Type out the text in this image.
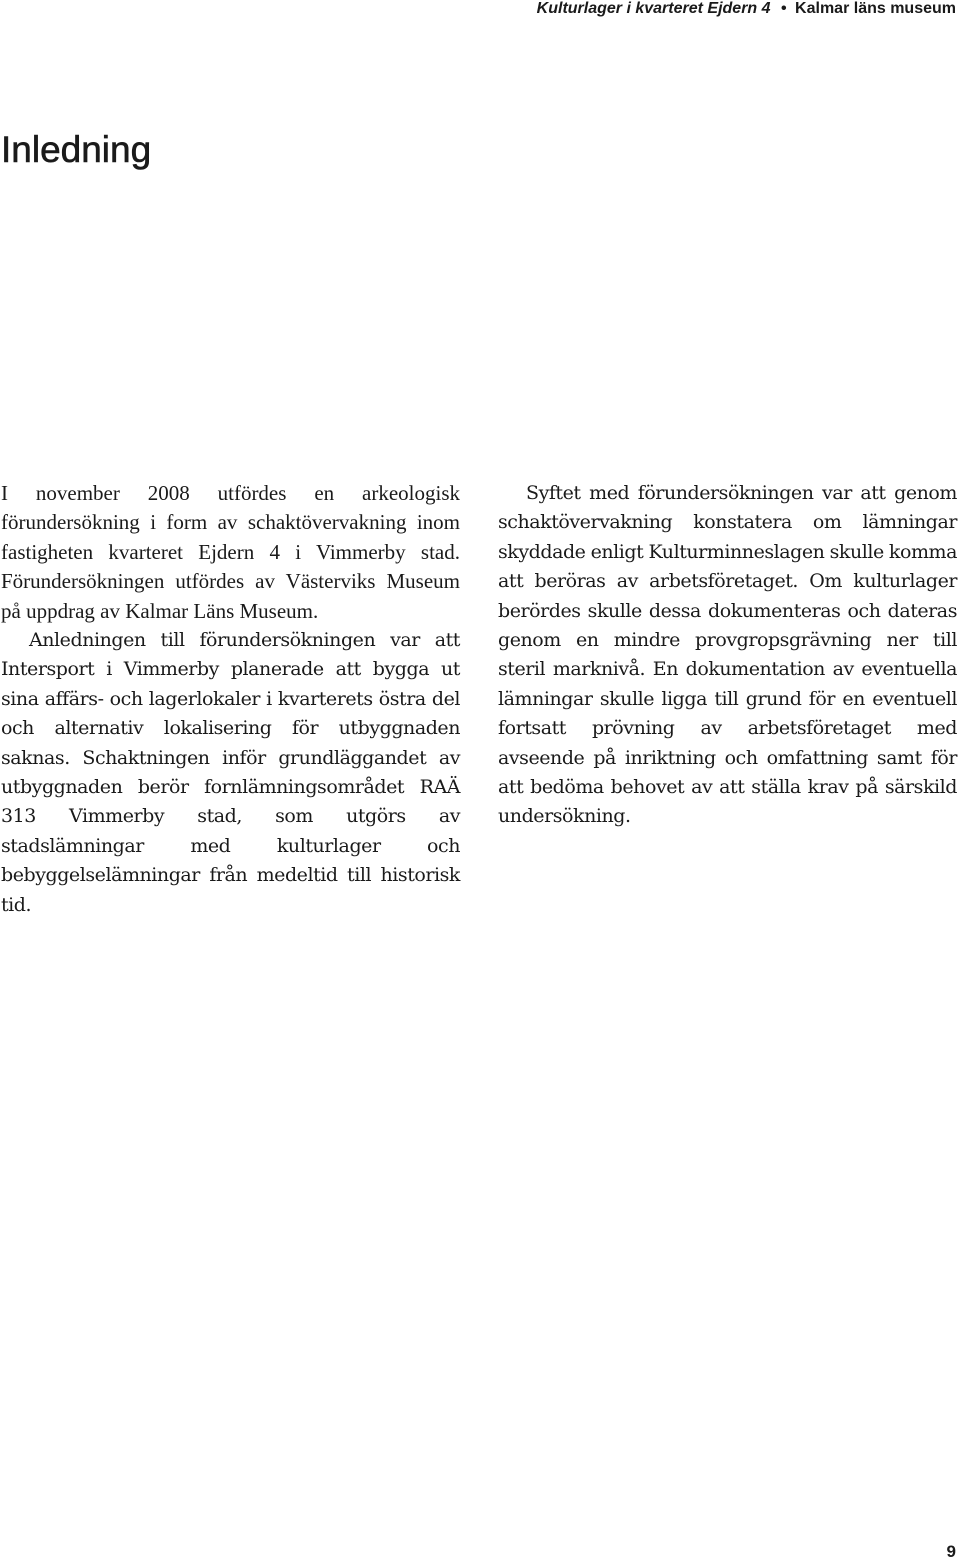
Kulturlager i kvarteret Ejdern 4 • Kalmar läns museum
Inledning

I november 2008 utfördes en arkeologisk förundersökning i form av schaktövervakning inom fastigheten kvarteret Ejdern 4 i Vimmerby stad. Förundersökningen utfördes av Västerviks Museum på uppdrag av Kalmar Läns Museum.

Anledningen till förundersökningen var att Intersport i Vimmerby planerade att bygga ut sina affärs- och lagerlokaler i kvarterets östra del och alternativ lokalisering för utbyggnaden saknas. Schaktningen inför grundläggandet av utbyggnaden berör fornlämningsområdet RAÄ 313 Vimmerby stad, som utgörs av stadslämningar med kulturlager och bebyggelselämningar från medeltid till historisk tid.

Syftet med förundersökningen var att genom schaktövervakning konstatera om lämningar skyddade enligt Kulturminneslagen skulle komma att beröras av arbetsföretaget. Om kulturlager berördes skulle dessa dokumenteras och dateras genom en mindre provgropsgrävning ner till steril marknivå. En dokumentation av eventuella lämningar skulle ligga till grund för en eventuell fortsatt prövning av arbetsföretaget med avseende på inriktning och omfattning samt för att bedöma behovet av att ställa krav på särskild undersökning.

9
